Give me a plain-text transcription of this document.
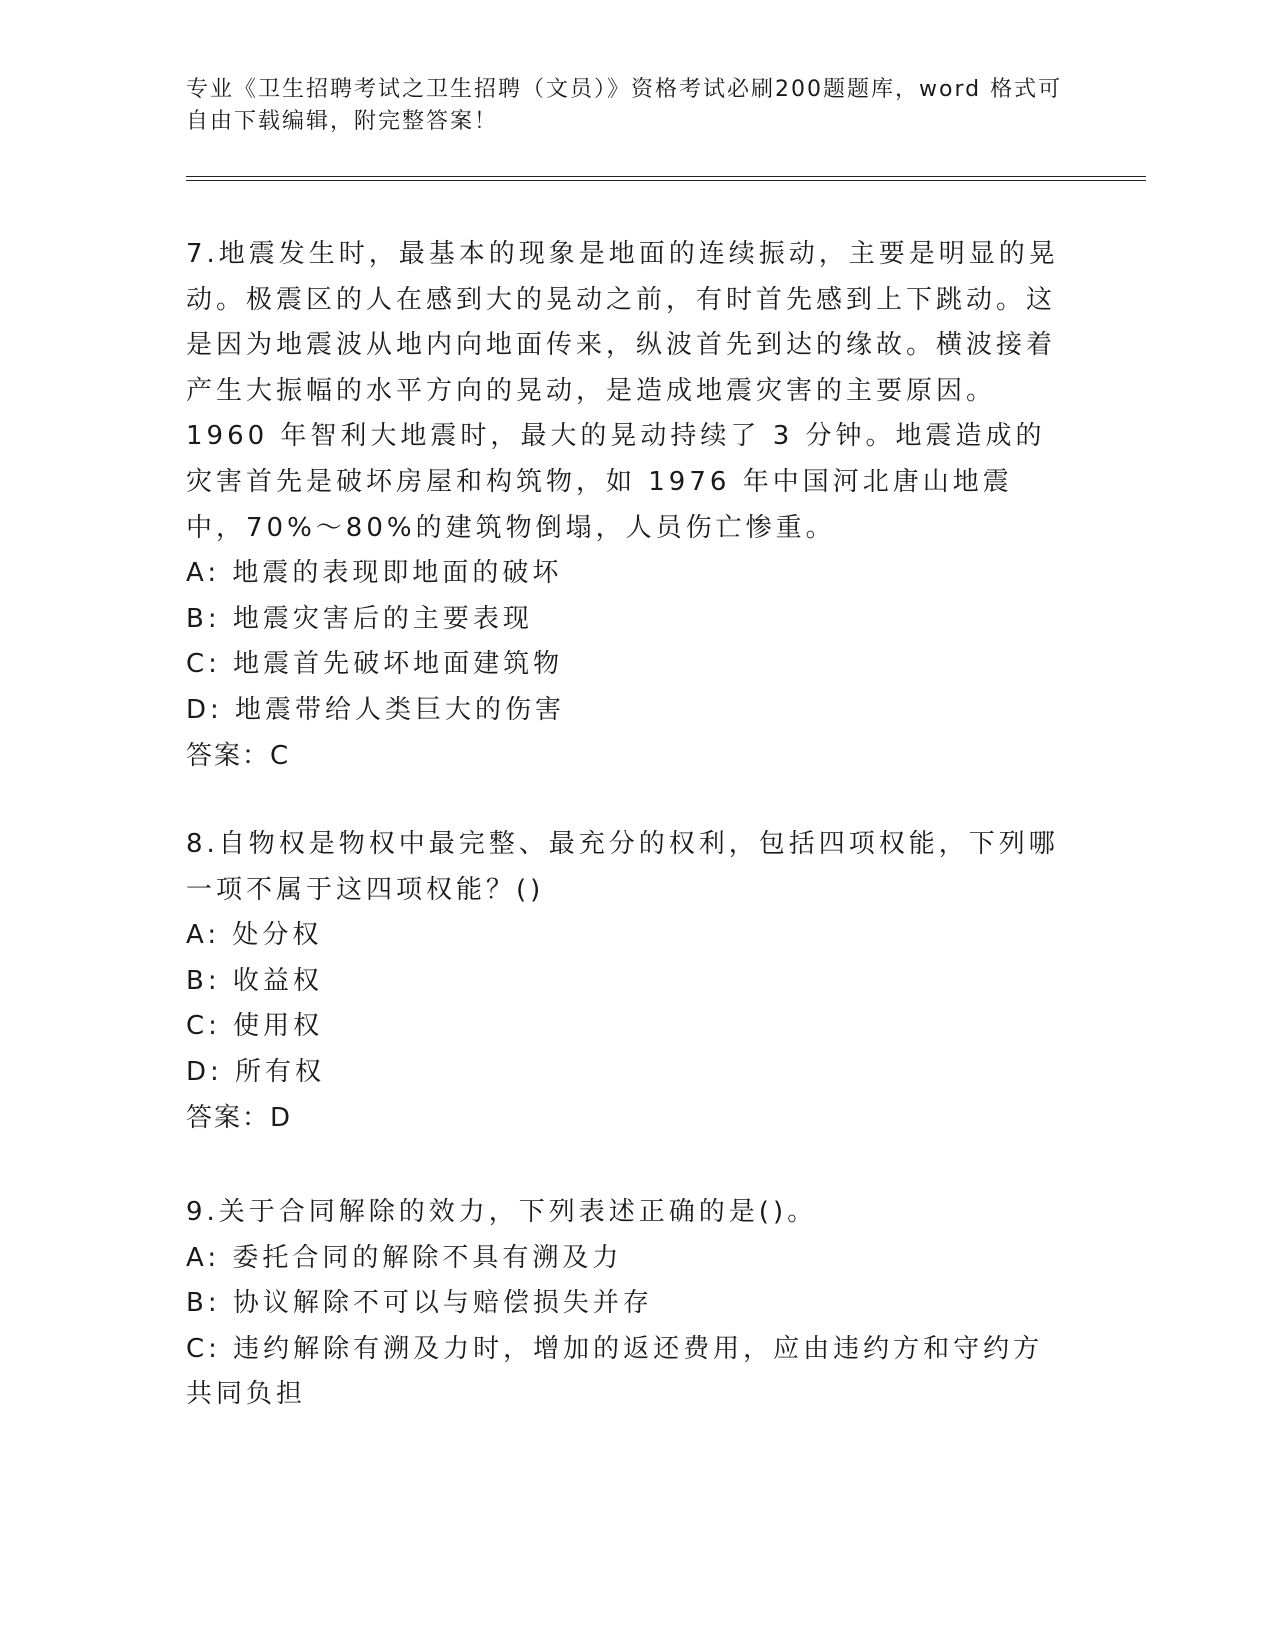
专业《卫生招聘考试之卫生招聘（文员）》资格考试必刷200题题库，word 格式可自由下载编辑，附完整答案！

7.地震发生时，最基本的现象是地面的连续振动，主要是明显的晃动。极震区的人在感到大的晃动之前，有时首先感到上下跳动。这是因为地震波从地内向地面传来，纵波首先到达的缘故。横波接着产生大振幅的水平方向的晃动，是造成地震灾害的主要原因。1960 年智利大地震时，最大的晃动持续了 3 分钟。地震造成的灾害首先是破坏房屋和构筑物，如 1976 年中国河北唐山地震中，70%～80%的建筑物倒塌，人员伤亡惨重。

A: 地震的表现即地面的破坏

B: 地震灾害后的主要表现

C: 地震首先破坏地面建筑物

D: 地震带给人类巨大的伤害

答案：C

8.自物权是物权中最完整、最充分的权利，包括四项权能，下列哪一项不属于这四项权能？()

A: 处分权

B: 收益权

C: 使用权

D: 所有权

答案：D

9.关于合同解除的效力，下列表述正确的是()。

A: 委托合同的解除不具有溯及力

B: 协议解除不可以与赔偿损失并存

C: 违约解除有溯及力时，增加的返还费用，应由违约方和守约方共同负担
